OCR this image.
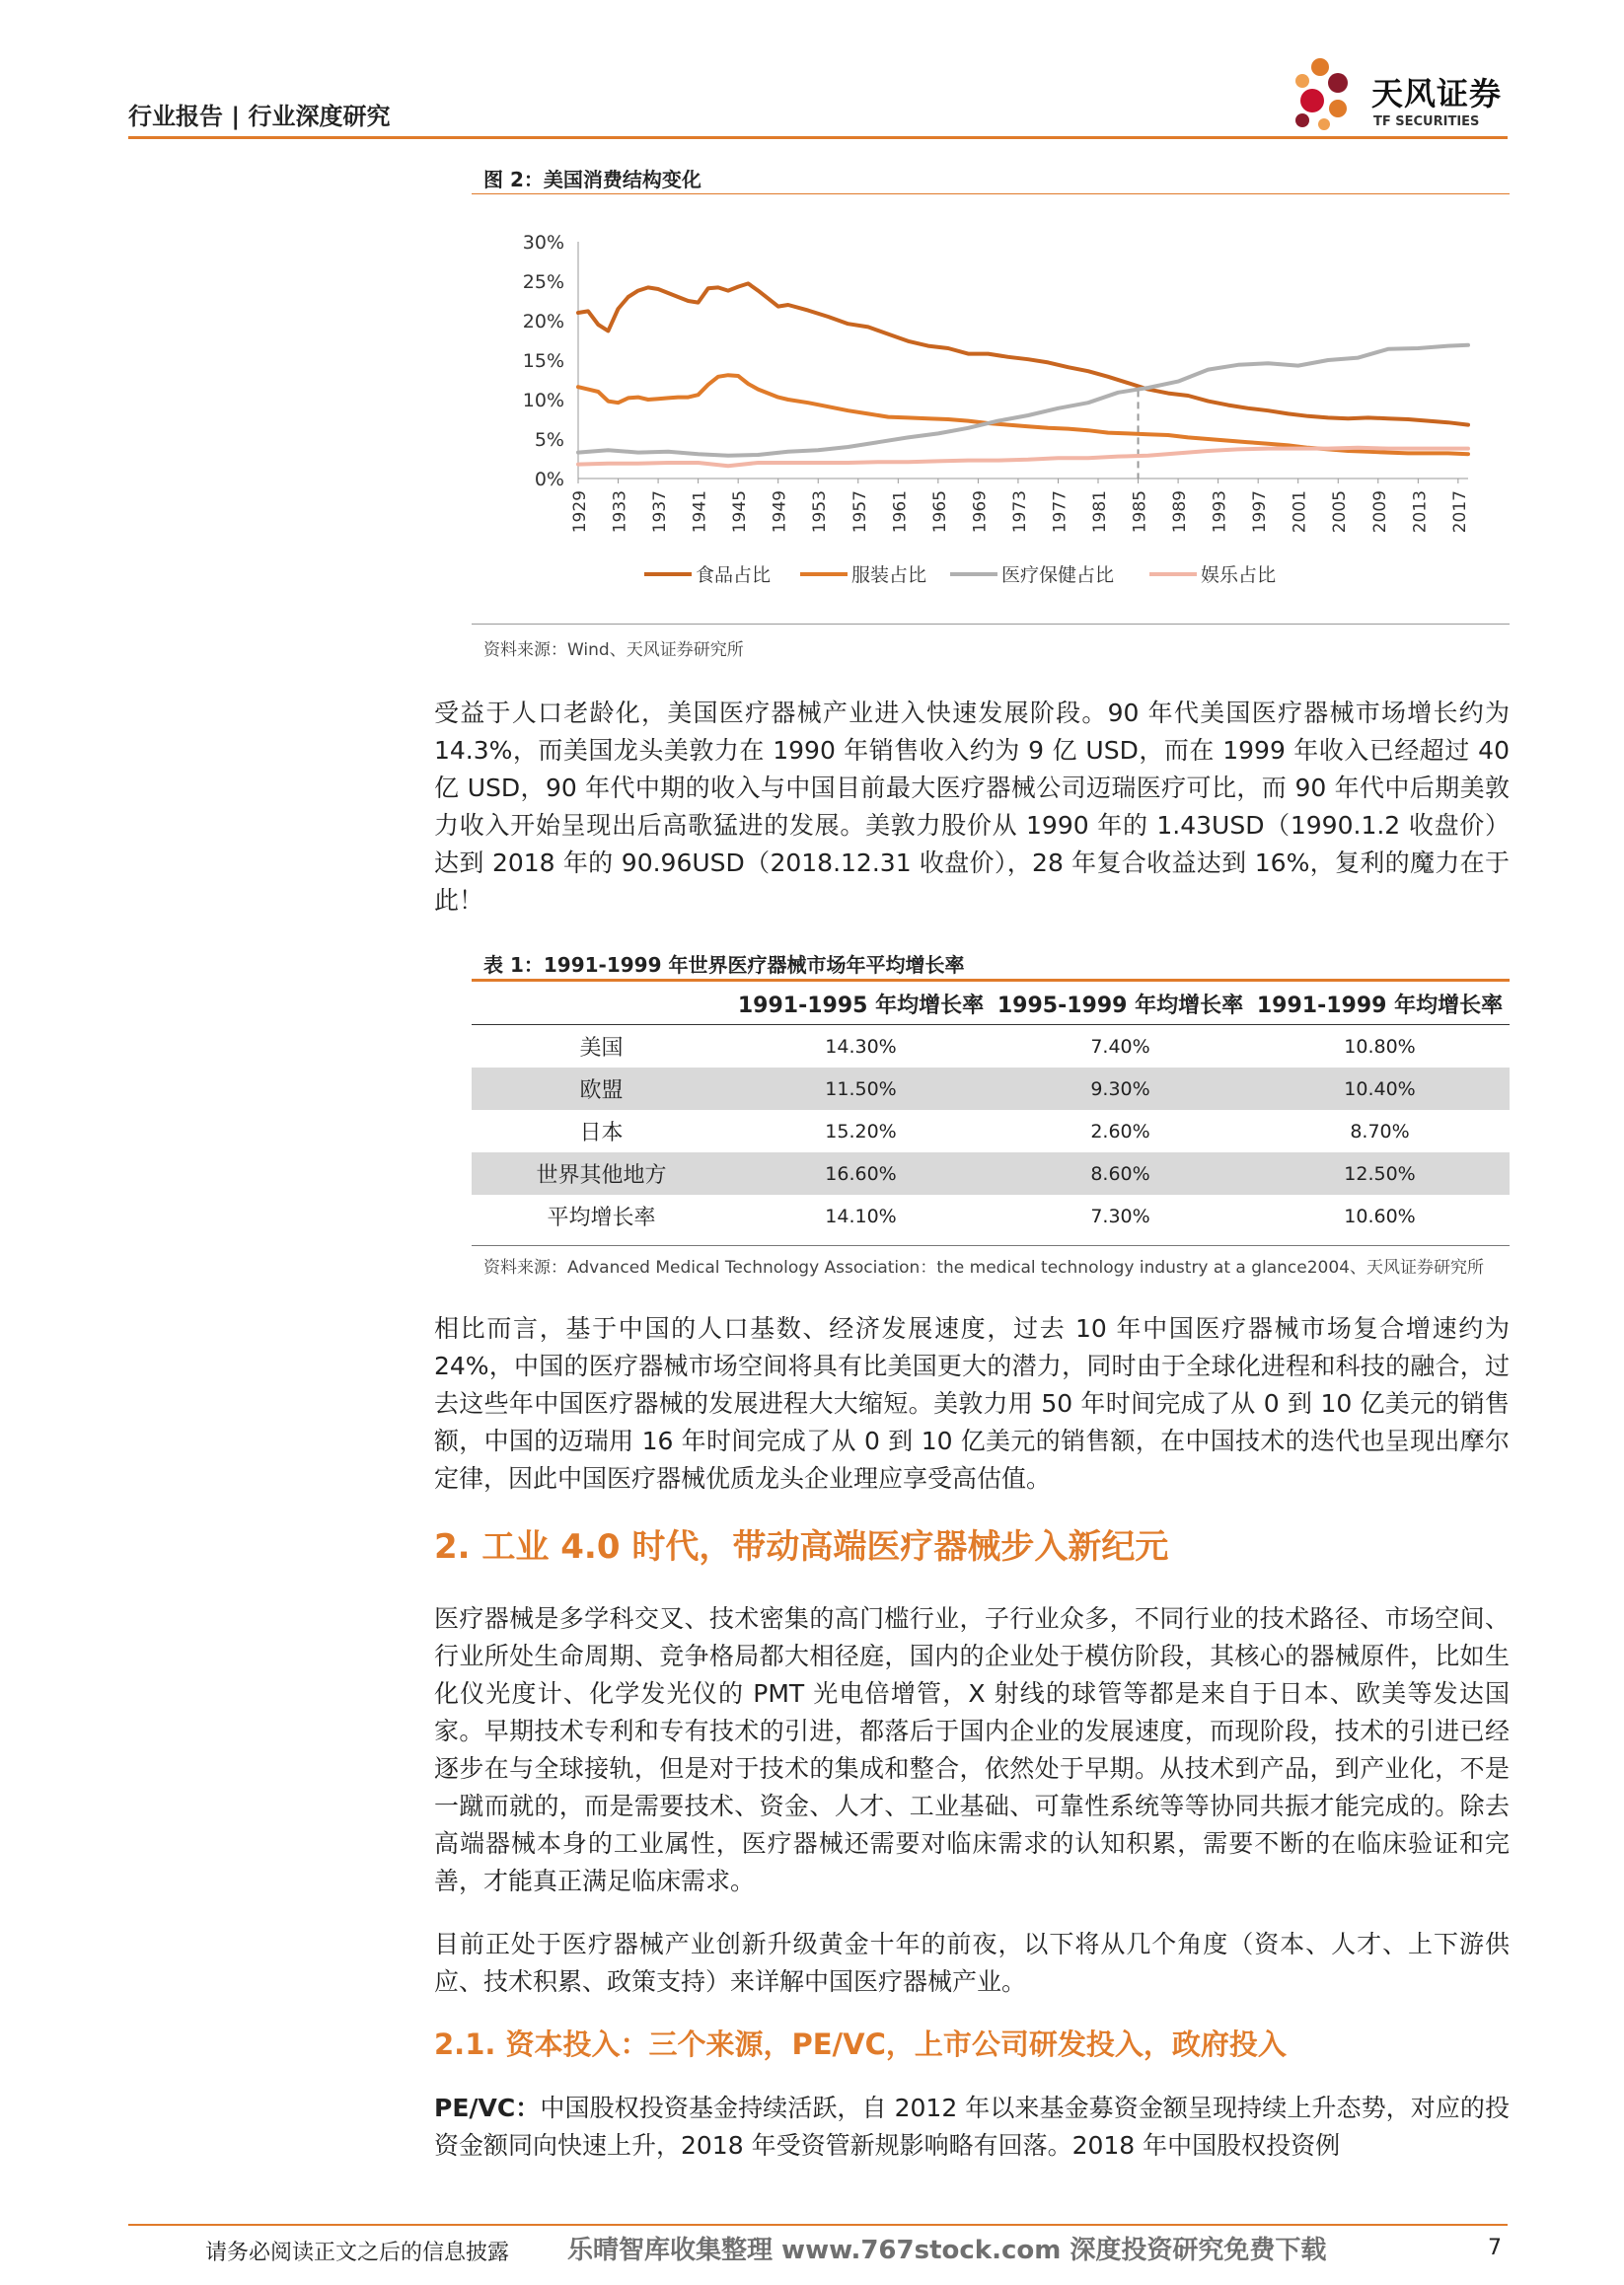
行业报告 | 行业深度研究
天风证券
TF SECURITIES
图 2：美国消费结构变化
0%
5%
10%
15%
20%
25%
30%
1929 1933 1937 1941 1945 1949 1953 1957 1961 1965 1969 1973 1977 1981 1985 1989 1993 1997 2001 2005 2009 2013 2017
食品占比	服装占比	医疗保健占比	娱乐占比
资料来源：Wind、天风证券研究所
受益于人口老龄化，美国医疗器械产业进入快速发展阶段。90 年代美国医疗器械市场增长约为 14.3%，而美国龙头美敦力在 1990 年销售收入约为 9 亿 USD，而在 1999 年收入已经超过 40 亿 USD，90 年代中期的收入与中国目前最大医疗器械公司迈瑞医疗可比，而 90 年代中后期美敦力收入开始呈现出后高歌猛进的发展。美敦力股价从 1990 年的 1.43USD（1990.1.2 收盘价）达到 2018 年的 90.96USD（2018.12.31 收盘价），28 年复合收益达到 16%，复利的魔力在于此！
表 1：1991-1999 年世界医疗器械市场年平均增长率
	1991-1995 年均增长率	1995-1999 年均增长率	1991-1999 年均增长率
美国	14.30%	7.40%	10.80%
欧盟	11.50%	9.30%	10.40%
日本	15.20%	2.60%	8.70%
世界其他地方	16.60%	8.60%	12.50%
平均增长率	14.10%	7.30%	10.60%
资料来源：Advanced Medical Technology Association：the medical technology industry at a glance2004、天风证券研究所
相比而言，基于中国的人口基数、经济发展速度，过去 10 年中国医疗器械市场复合增速约为 24%，中国的医疗器械市场空间将具有比美国更大的潜力，同时由于全球化进程和科技的融合，过去这些年中国医疗器械的发展进程大大缩短。美敦力用 50 年时间完成了从 0 到 10 亿美元的销售额，中国的迈瑞用 16 年时间完成了从 0 到 10 亿美元的销售额，在中国技术的迭代也呈现出摩尔定律，因此中国医疗器械优质龙头企业理应享受高估值。
2. 工业 4.0 时代，带动高端医疗器械步入新纪元
医疗器械是多学科交叉、技术密集的高门槛行业，子行业众多，不同行业的技术路径、市场空间、行业所处生命周期、竞争格局都大相径庭，国内的企业处于模仿阶段，其核心的器械原件，比如生化仪光度计、化学发光仪的 PMT 光电倍增管，X 射线的球管等都是来自于日本、欧美等发达国家。早期技术专利和专有技术的引进，都落后于国内企业的发展速度，而现阶段，技术的引进已经逐步在与全球接轨，但是对于技术的集成和整合，依然处于早期。从技术到产品，到产业化，不是一蹴而就的，而是需要技术、资金、人才、工业基础、可靠性系统等等协同共振才能完成的。除去高端器械本身的工业属性，医疗器械还需要对临床需求的认知积累，需要不断的在临床验证和完善，才能真正满足临床需求。
目前正处于医疗器械产业创新升级黄金十年的前夜，以下将从几个角度（资本、人才、上下游供应、技术积累、政策支持）来详解中国医疗器械产业。
2.1. 资本投入：三个来源，PE/VC，上市公司研发投入，政府投入
PE/VC：中国股权投资基金持续活跃，自 2012 年以来基金募资金额呈现持续上升态势，对应的投资金额同向快速上升，2018 年受资管新规影响略有回落。2018 年中国股权投资例
请务必阅读正文之后的信息披露 乐晴智库收集整理 www.767stock.com 深度投资研究免费下载	7
